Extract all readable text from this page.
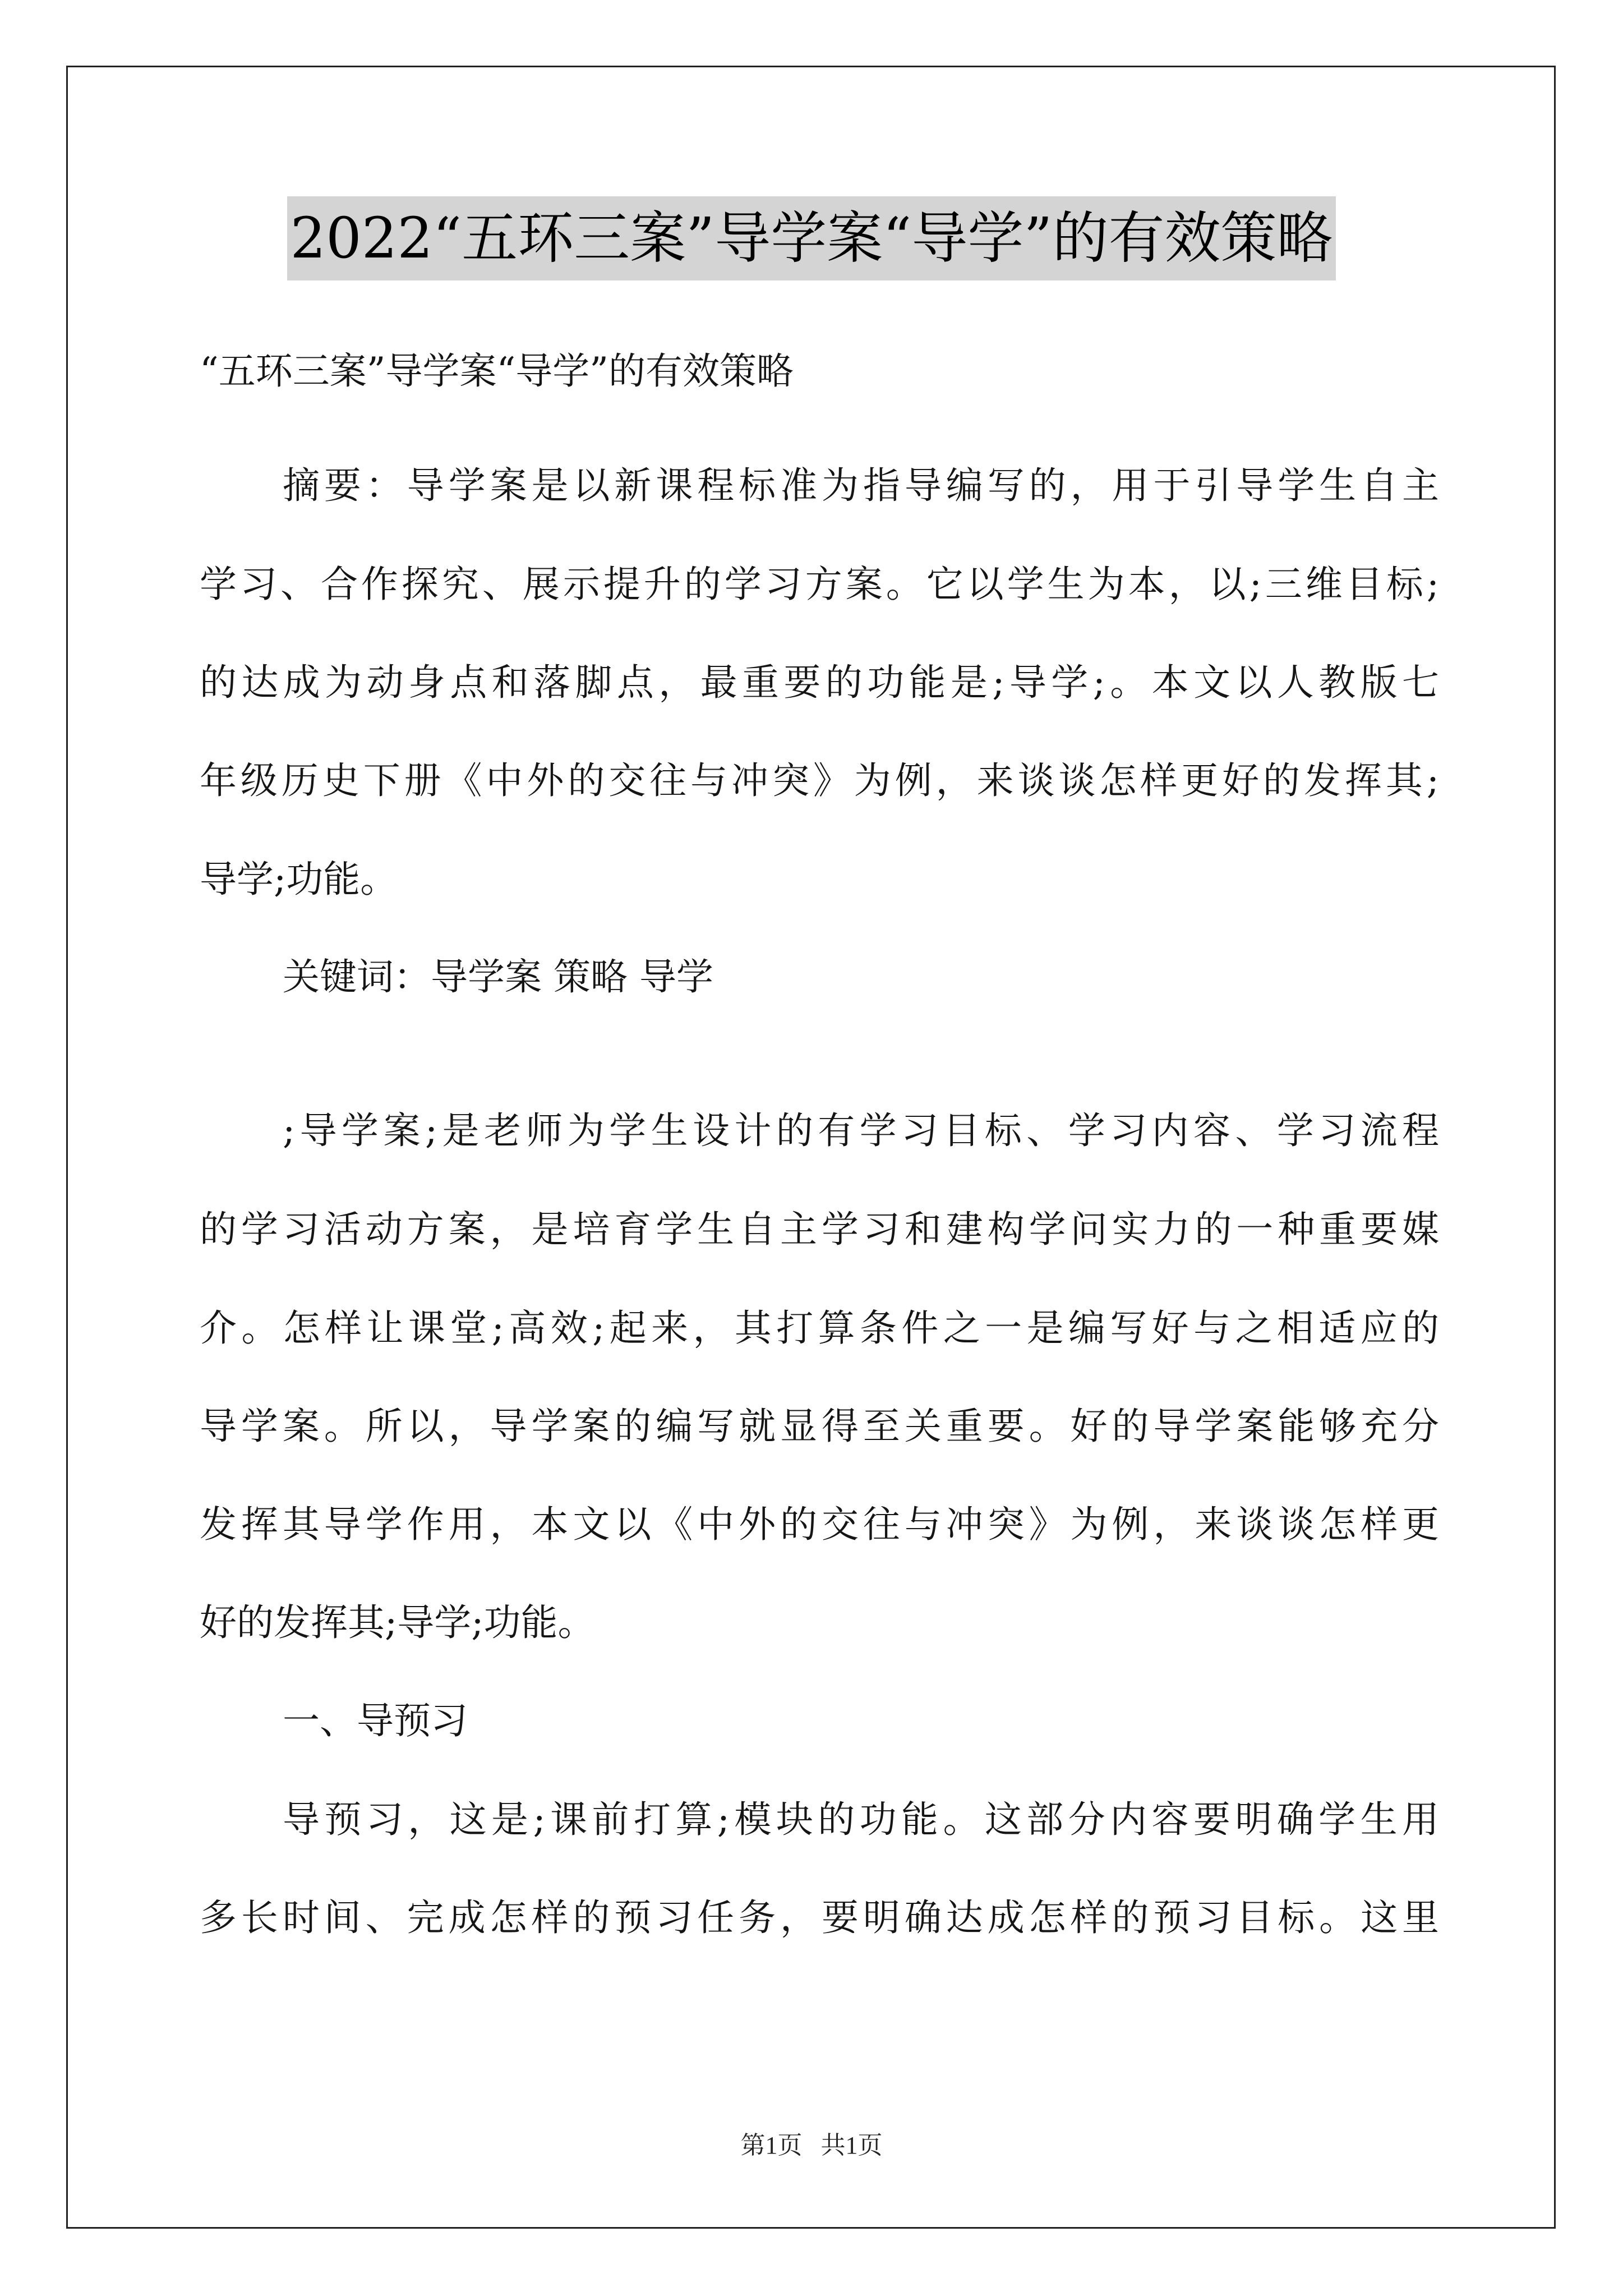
2022“五环三案”导学案“导学”的有效策略
“五环三案”导学案“导学”的有效策略
摘要：导学案是以新课程标准为指导编写的，用于引导学生自主
学习、合作探究、展示提升的学习方案。它以学生为本，以;三维目标;
的达成为动身点和落脚点，最重要的功能是;导学;。本文以人教版七
年级历史下册《中外的交往与冲突》为例，来谈谈怎样更好的发挥其;
导学;功能。
关键词：导学案 策略 导学
;导学案;是老师为学生设计的有学习目标、学习内容、学习流程
的学习活动方案，是培育学生自主学习和建构学问实力的一种重要媒
介。怎样让课堂;高效;起来，其打算条件之一是编写好与之相适应的
导学案。所以，导学案的编写就显得至关重要。好的导学案能够充分
发挥其导学作用，本文以《中外的交往与冲突》为例，来谈谈怎样更
好的发挥其;导学;功能。
一、导预习
导预习，这是;课前打算;模块的功能。这部分内容要明确学生用
多长时间、完成怎样的预习任务，要明确达成怎样的预习目标。这里
第1页   共1页
